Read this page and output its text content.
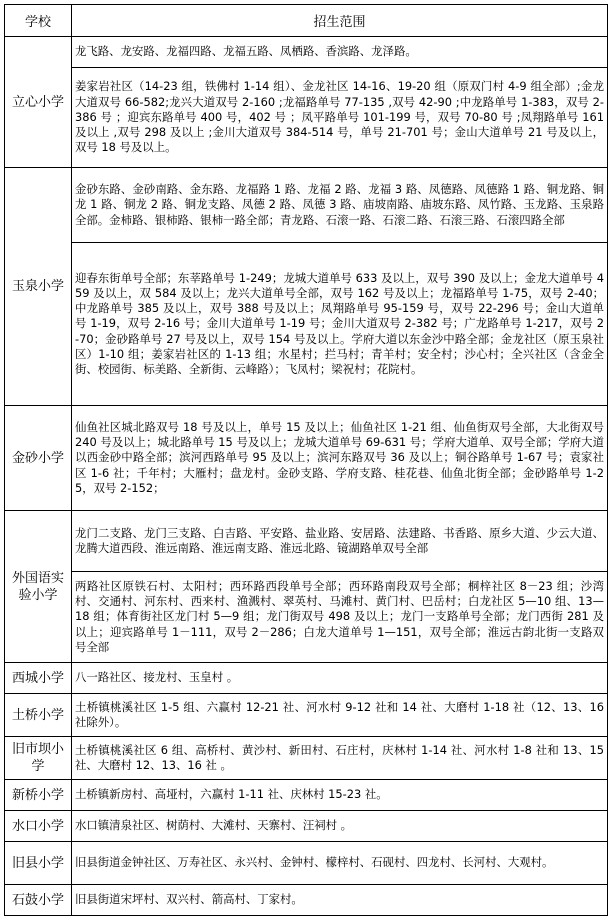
学校	招生范围
立心小学	龙飞路、龙安路、龙福四路、龙福五路、凤栖路、香滨路、龙泽路。
	姜家岩社区（14-23 组，铁佛村 1-14 组）、金龙社区 14-16、19-20 组（原双门村 4-9 组全部）;金龙大道双号 66-582;龙兴大道双号 2-160 ;龙福路单号 77-135 ,双号 42-90 ;中龙路单号 1-383，双号 2-386 号 ；迎宾东路单号 400 号，402 号 ；凤平路单号 101-199 号，双号 70-80 号 ;凤翔路单号 161 及以上 ,双号 298 及以上 ;金川大道双号 384-514 号，单号 21-701 号；金山大道单号 21 号及以上，双号 18 号及以上。
玉泉小学	金砂东路、金砂南路、金东路、龙福路 1 路、龙福 2 路、龙福 3 路、凤德路、凤德路 1 路、铜龙路、铜龙 1 路、铜龙 2 路、铜龙支路、凤德 2 路、凤德 3 路、庙坡南路、庙坡东路、凤竹路、玉龙路、玉泉路全部。金柿路、银柿路、银柿一路全部；青龙路、石滚一路、石滚二路、石滚三路、石滚四路全部
	迎春东街单号全部；东莘路单号 1-249；龙城大道单号 633 及以上，双号 390 及以上；金龙大道单号 459 及以上，双 584 及以上；龙兴大道单号全部，双号 162 号及以上；龙福路单号 1-75，双号 2-40；中龙路单号 385 及以上，双号 388 号及以上；凤翔路单号 95-159 号，双号 22-296 号；金山大道单号 1-19，双号 2-16 号；金川大道单号 1-19 号；金川大道双号 2-382 号；广龙路单号 1-217，双号 2-70；金砂路单号 27 号及以上，双号 154 号及以上。学府大道以东金沙中路全部；金龙社区（原玉泉社区）1-10 组；姜家岩社区的 1-13 组；水星村；拦马村；青羊村；安全村；沙心村；全兴社区（含金全街、校园街、标美路、全新街、云峰路）；飞凤村；梁祝村；花院村。
金砂小学	仙鱼社区城北路双号 18 号及以上，单号 15 及以上；仙鱼社区 1-21 组、仙鱼街双号全部，大北街双号 240 号及以上；城北路单号 15 号及以上；龙城大道单号 69-631 号；学府大道单、双号全部；学府大道以西金砂中路全部；滨河西路单号 95 及以上；滨河东路双号 36 及以上；铜谷路单号 1-67 号；袁家社区 1-6 社；千年村；大雁村；盘龙村。金砂支路、学府支路、桂花巷、仙鱼北街全部；金砂路单号 1-25，双号 2-152；
外国语实验小学	龙门二支路、龙门三支路、白吉路、平安路、盐业路、安居路、法建路、书香路、原乡大道、少云大道、龙腾大道西段、淮远南路、淮远南支路、淮远北路、镜湖路单双号全部
	两路社区原铁石村、太阳村；西环路西段单号全部；西环路南段双号全部；桐梓社区 8－23 组；沙湾村、交通村、河东村、西来村、渔溅村、翠英村、马滩村、黄门村、巴岳村；白龙社区 5—10 组、13—18 组；体育街社区龙门村 5—9 组；龙门街双号 498 及以上；龙门一支路单号全部；龙门西街 281 及以上；迎宾路单号 1－111，双号 2－286；白龙大道单号 1—151，双号全部；淮远古韵北街一支路双号全部
西城小学	八一路社区、接龙村、玉皇村 。
土桥小学	土桥镇桃溪社区 1-5 组、六赢村 12-21 社、河水村 9-12 社和 14 社、大磨村 1-18 社（12、13、16 社除外）。
旧市坝小学	土桥镇桃溪社区 6 组、高桥村、黄沙村、新田村、石庄村，庆林村 1-14 社、河水村 1-8 社和 13、15 社、大磨村 12、13、16 社 。
新桥小学	土桥镇新房村、高垭村，六赢村 1-11 社、庆林村 15-23 社。
水口小学	水口镇清泉社区、树荫村、大滩村、天寨村、汪祠村 。
旧县小学	旧县街道金钟社区、万寿社区、永兴村、金钟村、檬梓村、石砚村、四龙村、长河村、大观村。
石鼓小学	旧县街道宋坪村、双兴村、箭高村、丁家村。
